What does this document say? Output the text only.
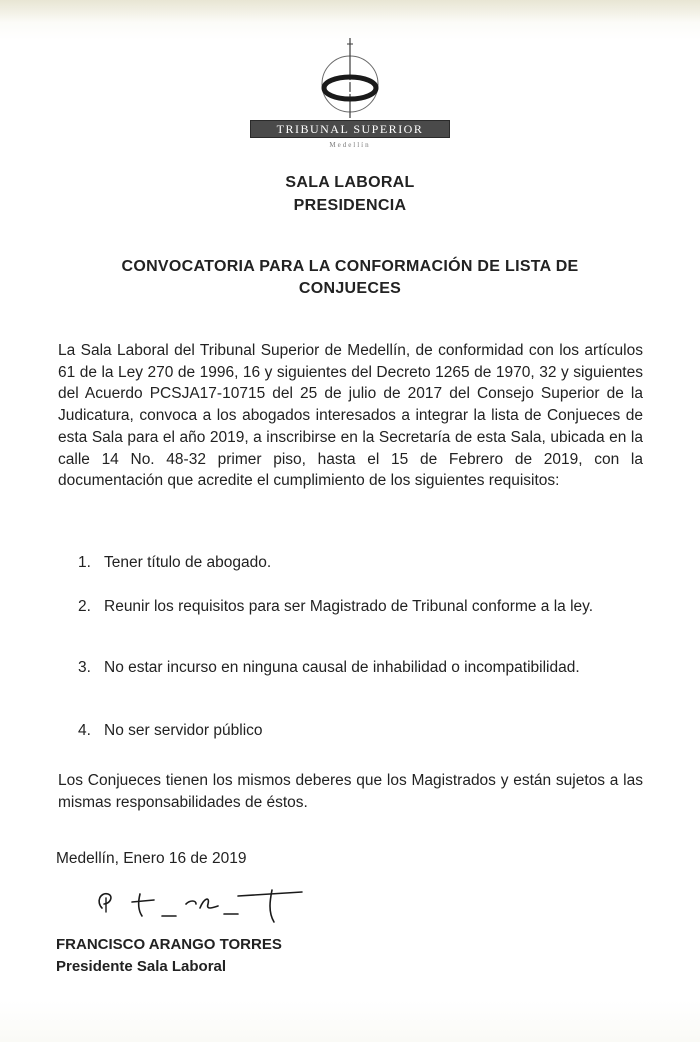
TRIBUNAL SUPERIOR
Medellín
SALA LABORAL
PRESIDENCIA
CONVOCATORIA PARA LA CONFORMACIÓN DE LISTA DE
CONJUECES

La Sala Laboral del Tribunal Superior de Medellín, de conformidad con los artículos 61 de la Ley 270 de 1996, 16 y siguientes del Decreto 1265 de 1970, 32 y siguientes del Acuerdo PCSJA17-10715 del 25 de julio de 2017 del Consejo Superior de la Judicatura, convoca a los abogados interesados a integrar la lista de Conjueces de esta Sala para el año 2019, a inscribirse en la Secretaría de esta Sala, ubicada en la calle 14 No. 48-32 primer piso, hasta el 15 de Febrero de 2019, con la documentación que acredite el cumplimiento de los siguientes requisitos:

1. Tener título de abogado.
2. Reunir los requisitos para ser Magistrado de Tribunal conforme a la ley.
3. No estar incurso en ninguna causal de inhabilidad o incompatibilidad.
4. No ser servidor público

Los Conjueces tienen los mismos deberes que los Magistrados y están sujetos a las mismas responsabilidades de éstos.

Medellín, Enero 16 de 2019
FRANCISCO ARANGO TORRES
Presidente Sala Laboral
